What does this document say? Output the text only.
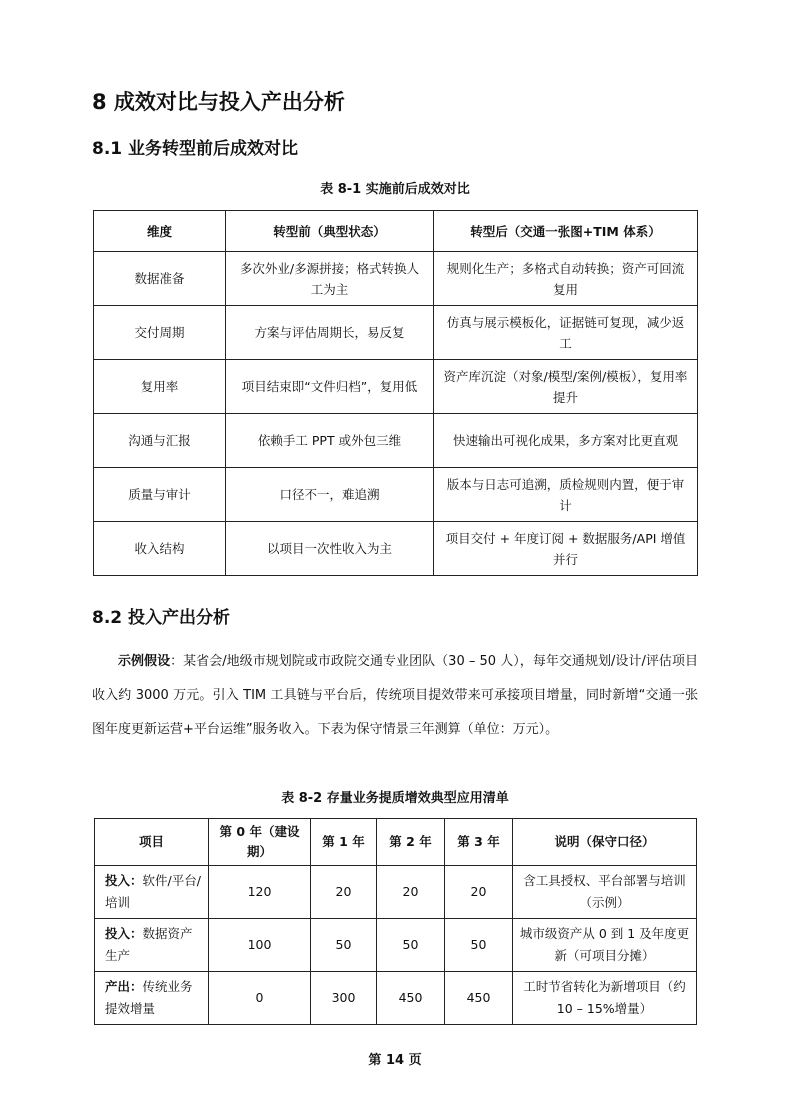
8 成效对比与投入产出分析
8.1 业务转型前后成效对比
表 8-1 实施前后成效对比
维度	转型前（典型状态）	转型后（交通一张图+TIM 体系）
数据准备	多次外业/多源拼接；格式转换人工为主	规则化生产；多格式自动转换；资产可回流复用
交付周期	方案与评估周期长，易反复	仿真与展示模板化，证据链可复现，减少返工
复用率	项目结束即“文件归档”，复用低	资产库沉淀（对象/模型/案例/模板），复用率提升
沟通与汇报	依赖手工 PPT 或外包三维	快速输出可视化成果，多方案对比更直观
质量与审计	口径不一，难追溯	版本与日志可追溯，质检规则内置，便于审计
收入结构	以项目一次性收入为主	项目交付 + 年度订阅 + 数据服务/API 增值并行
8.2 投入产出分析
示例假设：某省会/地级市规划院或市政院交通专业团队（30 – 50 人），每年交通规划/设计/评估项目收入约 3000 万元。引入 TIM 工具链与平台后，传统项目提效带来可承接项目增量，同时新增“交通一张图年度更新运营+平台运维”服务收入。下表为保守情景三年测算（单位：万元）。
表 8-2 存量业务提质增效典型应用清单
项目	第 0 年（建设期）	第 1 年	第 2 年	第 3 年	说明（保守口径）
投入：软件/平台/培训	120	20	20	20	含工具授权、平台部署与培训（示例）
投入：数据资产生产	100	50	50	50	城市级资产从 0 到 1 及年度更新（可项目分摊）
产出：传统业务提效增量	0	300	450	450	工时节省转化为新增项目（约 10 – 15%增量）
第 14 页
